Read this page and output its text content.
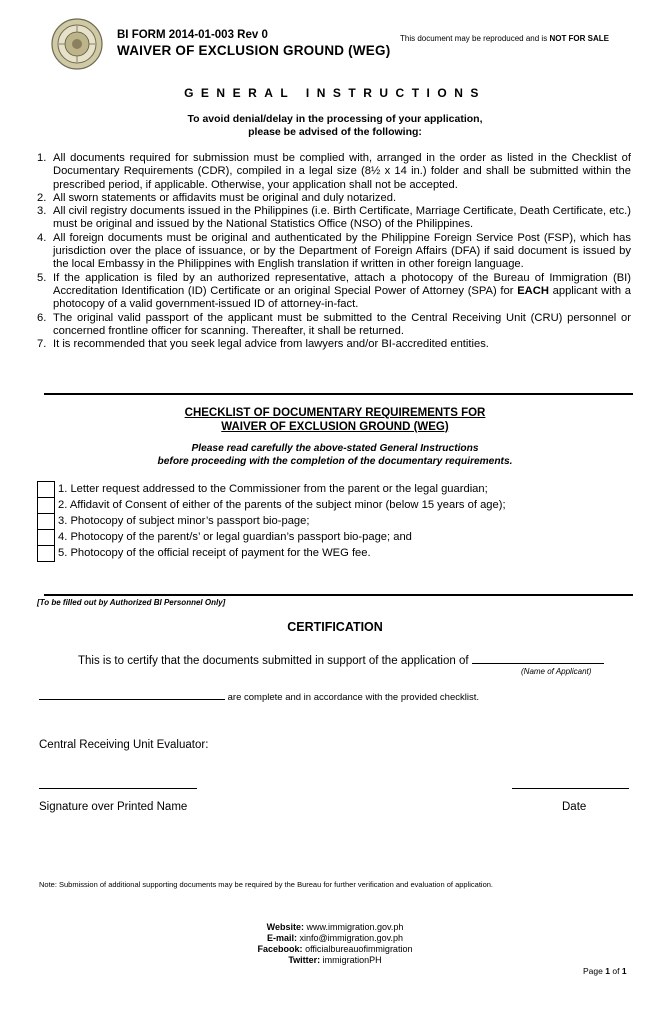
BI FORM 2014-01-003 Rev 0
WAIVER OF EXCLUSION GROUND (WEG)
This document may be reproduced and is NOT FOR SALE
GENERAL INSTRUCTIONS
To avoid denial/delay in the processing of your application,
please be advised of the following:
1. All documents required for submission must be complied with, arranged in the order as listed in the Checklist of Documentary Requirements (CDR), compiled in a legal size (8½ x 14 in.) folder and shall be submitted within the prescribed period, if applicable. Otherwise, your application shall not be accepted.
2. All sworn statements or affidavits must be original and duly notarized.
3. All civil registry documents issued in the Philippines (i.e. Birth Certificate, Marriage Certificate, Death Certificate, etc.) must be original and issued by the National Statistics Office (NSO) of the Philippines.
4. All foreign documents must be original and authenticated by the Philippine Foreign Service Post (FSP), which has jurisdiction over the place of issuance, or by the Department of Foreign Affairs (DFA) if said document is issued by the local Embassy in the Philippines with English translation if written in other foreign language.
5. If the application is filed by an authorized representative, attach a photocopy of the Bureau of Immigration (BI) Accreditation Identification (ID) Certificate or an original Special Power of Attorney (SPA) for EACH applicant with a photocopy of a valid government-issued ID of attorney-in-fact.
6. The original valid passport of the applicant must be submitted to the Central Receiving Unit (CRU) personnel or concerned frontline officer for scanning. Thereafter, it shall be returned.
7. It is recommended that you seek legal advice from lawyers and/or BI-accredited entities.
CHECKLIST OF DOCUMENTARY REQUIREMENTS FOR
WAIVER OF EXCLUSION GROUND (WEG)
Please read carefully the above-stated General Instructions
before proceeding with the completion of the documentary requirements.
1. Letter request addressed to the Commissioner from the parent or the legal guardian;
2. Affidavit of Consent of either of the parents of the subject minor (below 15 years of age);
3. Photocopy of subject minor’s passport bio-page;
4. Photocopy of the parent/s’ or legal guardian’s passport bio-page; and
5. Photocopy of the official receipt of payment for the WEG fee.
[To be filled out by Authorized BI Personnel Only]
CERTIFICATION
This is to certify that the documents submitted in support of the application of
(Name of Applicant)
are complete and in accordance with the provided checklist.
Central Receiving Unit Evaluator:
Signature over Printed Name	Date
Note: Submission of additional supporting documents may be required by the Bureau for further verification and evaluation of application.
Website: www.immigration.gov.ph
E-mail: xinfo@immigration.gov.ph
Facebook: officialbureauofimmigration
Twitter: immigrationPH
Page 1 of 1
